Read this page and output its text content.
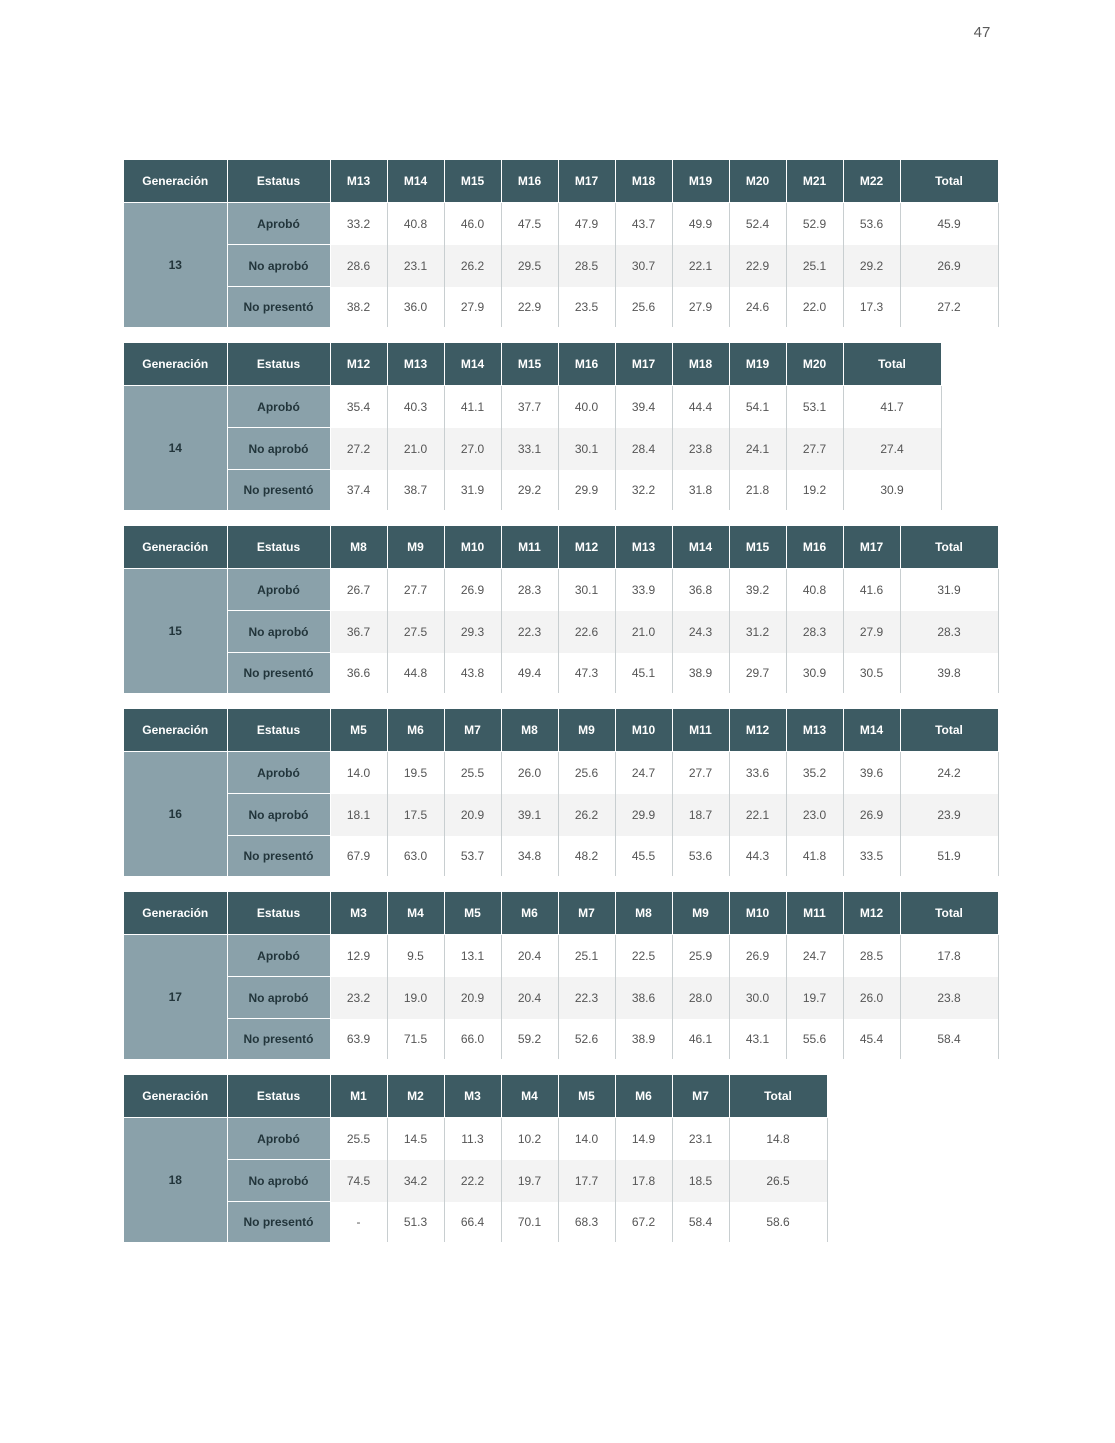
47
Generación	Estatus	M13	M14	M15	M16	M17	M18	M19	M20	M21	M22	Total
13	Aprobó	33.2	40.8	46.0	47.5	47.9	43.7	49.9	52.4	52.9	53.6	45.9
	No aprobó	28.6	23.1	26.2	29.5	28.5	30.7	22.1	22.9	25.1	29.2	26.9
	No presentó	38.2	36.0	27.9	22.9	23.5	25.6	27.9	24.6	22.0	17.3	27.2
Generación	Estatus	M12	M13	M14	M15	M16	M17	M18	M19	M20	Total
14	Aprobó	35.4	40.3	41.1	37.7	40.0	39.4	44.4	54.1	53.1	41.7
	No aprobó	27.2	21.0	27.0	33.1	30.1	28.4	23.8	24.1	27.7	27.4
	No presentó	37.4	38.7	31.9	29.2	29.9	32.2	31.8	21.8	19.2	30.9
Generación	Estatus	M8	M9	M10	M11	M12	M13	M14	M15	M16	M17	Total
15	Aprobó	26.7	27.7	26.9	28.3	30.1	33.9	36.8	39.2	40.8	41.6	31.9
	No aprobó	36.7	27.5	29.3	22.3	22.6	21.0	24.3	31.2	28.3	27.9	28.3
	No presentó	36.6	44.8	43.8	49.4	47.3	45.1	38.9	29.7	30.9	30.5	39.8
Generación	Estatus	M5	M6	M7	M8	M9	M10	M11	M12	M13	M14	Total
16	Aprobó	14.0	19.5	25.5	26.0	25.6	24.7	27.7	33.6	35.2	39.6	24.2
	No aprobó	18.1	17.5	20.9	39.1	26.2	29.9	18.7	22.1	23.0	26.9	23.9
	No presentó	67.9	63.0	53.7	34.8	48.2	45.5	53.6	44.3	41.8	33.5	51.9
Generación	Estatus	M3	M4	M5	M6	M7	M8	M9	M10	M11	M12	Total
17	Aprobó	12.9	9.5	13.1	20.4	25.1	22.5	25.9	26.9	24.7	28.5	17.8
	No aprobó	23.2	19.0	20.9	20.4	22.3	38.6	28.0	30.0	19.7	26.0	23.8
	No presentó	63.9	71.5	66.0	59.2	52.6	38.9	46.1	43.1	55.6	45.4	58.4
Generación	Estatus	M1	M2	M3	M4	M5	M6	M7	Total
18	Aprobó	25.5	14.5	11.3	10.2	14.0	14.9	23.1	14.8
	No aprobó	74.5	34.2	22.2	19.7	17.7	17.8	18.5	26.5
	No presentó	-	51.3	66.4	70.1	68.3	67.2	58.4	58.6
